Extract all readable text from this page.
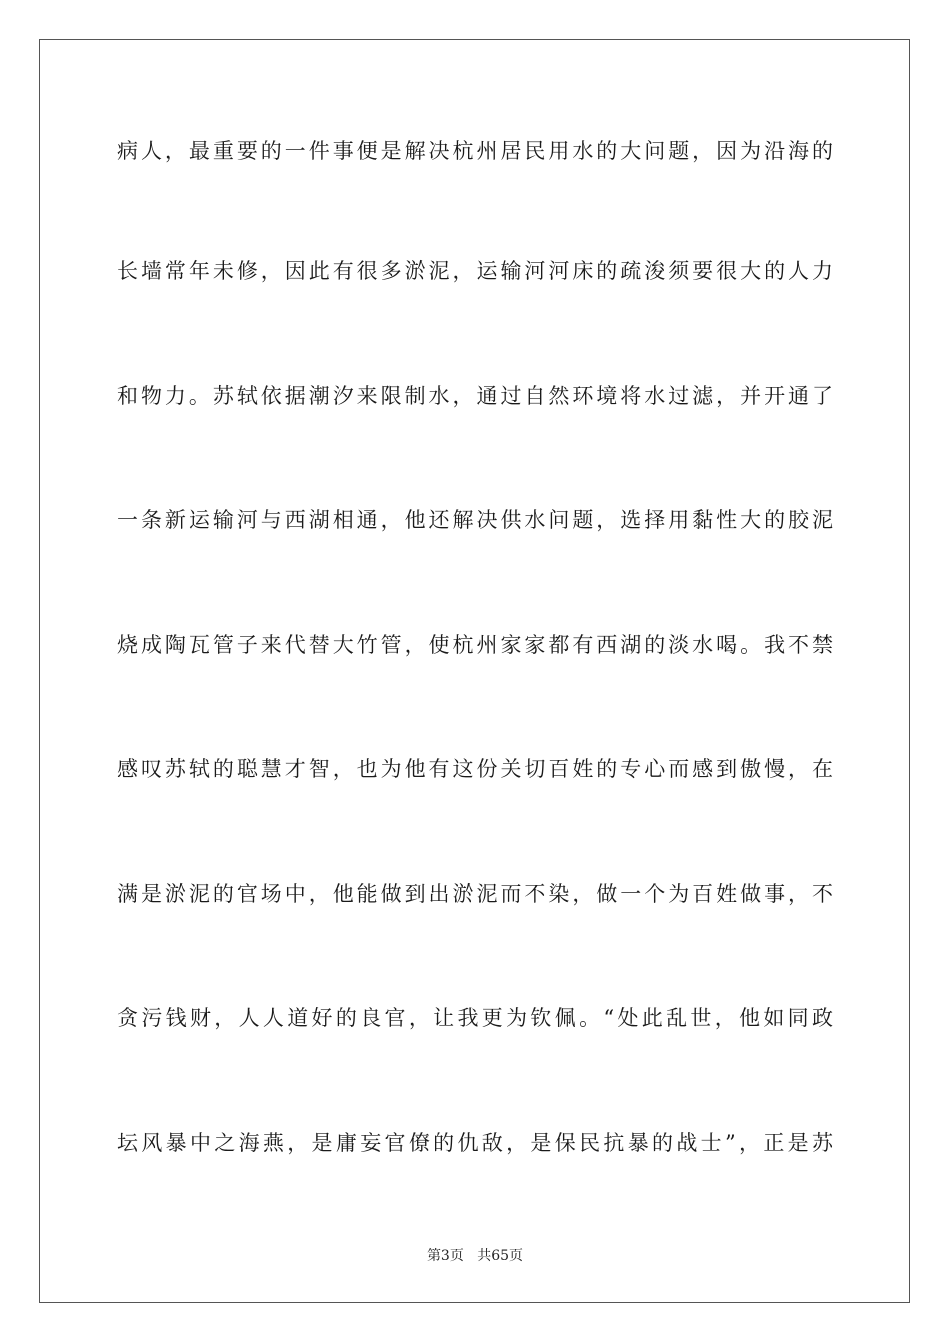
病人，最重要的一件事便是解决杭州居民用水的大问题，因为沿海的
长墙常年未修，因此有很多淤泥，运输河河床的疏浚须要很大的人力
和物力。苏轼依据潮汐来限制水，通过自然环境将水过滤，并开通了
一条新运输河与西湖相通，他还解决供水问题，选择用黏性大的胶泥
烧成陶瓦管子来代替大竹管，使杭州家家都有西湖的淡水喝。我不禁
感叹苏轼的聪慧才智，也为他有这份关切百姓的专心而感到傲慢，在
满是淤泥的官场中，他能做到出淤泥而不染，做一个为百姓做事，不
贪污钱财，人人道好的良官，让我更为钦佩。“处此乱世，他如同政
坛风暴中之海燕，是庸妄官僚的仇敌，是保民抗暴的战士”，正是苏
第3页 共65页
